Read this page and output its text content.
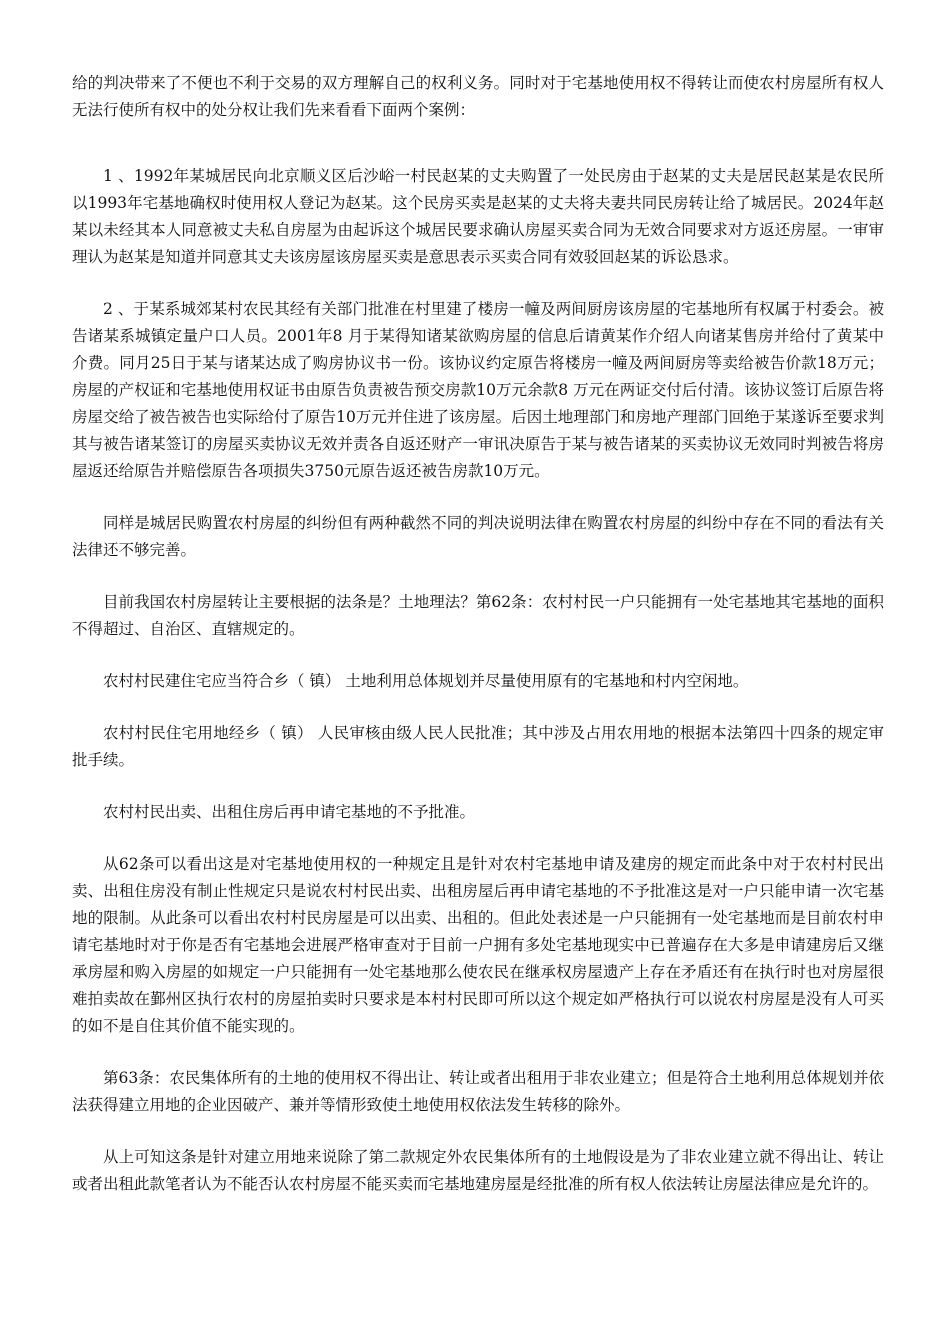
给的判决带来了不便也不利于交易的双方理解自己的权利义务。同时对于宅基地使用权不得转让而使农村房屋所有权人无法行使所有权中的处分权让我们先来看看下面两个案例：

1 、1992年某城居民向北京顺义区后沙峪一村民赵某的丈夫购置了一处民房由于赵某的丈夫是居民赵某是农民所以1993年宅基地确权时使用权人登记为赵某。这个民房买卖是赵某的丈夫将夫妻共同民房转让给了城居民。2024年赵某以未经其本人同意被丈夫私自房屋为由起诉这个城居民要求确认房屋买卖合同为无效合同要求对方返还房屋。一审审理认为赵某是知道并同意其丈夫该房屋该房屋买卖是意思表示买卖合同有效驳回赵某的诉讼恳求。

2 、于某系城郊某村农民其经有关部门批准在村里建了楼房一幢及两间厨房该房屋的宅基地所有权属于村委会。被告诸某系城镇定量户口人员。2001年8 月于某得知诸某欲购房屋的信息后请黄某作介绍人向诸某售房并给付了黄某中介费。同月25日于某与诸某达成了购房协议书一份。该协议约定原告将楼房一幢及两间厨房等卖给被告价款18万元；房屋的产权证和宅基地使用权证书由原告负责被告预交房款10万元余款8 万元在两证交付后付清。该协议签订后原告将房屋交给了被告被告也实际给付了原告10万元并住进了该房屋。后因土地理部门和房地产理部门回绝于某遂诉至要求判其与被告诸某签订的房屋买卖协议无效并责各自返还财产一审讯决原告于某与被告诸某的买卖协议无效同时判被告将房屋返还给原告并赔偿原告各项损失3750元原告返还被告房款10万元。

同样是城居民购置农村房屋的纠纷但有两种截然不同的判决说明法律在购置农村房屋的纠纷中存在不同的看法有关法律还不够完善。

目前我国农村房屋转让主要根据的法条是？土地理法？第62条：农村村民一户只能拥有一处宅基地其宅基地的面积不得超过、自治区、直辖规定的。

农村村民建住宅应当符合乡（ 镇） 土地利用总体规划并尽量使用原有的宅基地和村内空闲地。

农村村民住宅用地经乡（ 镇） 人民审核由级人民人民批准；其中涉及占用农用地的根据本法第四十四条的规定审批手续。

农村村民出卖、出租住房后再申请宅基地的不予批准。

从62条可以看出这是对宅基地使用权的一种规定且是针对农村宅基地申请及建房的规定而此条中对于农村村民出卖、出租住房没有制止性规定只是说农村村民出卖、出租房屋后再申请宅基地的不予批准这是对一户只能申请一次宅基地的限制。从此条可以看出农村村民房屋是可以出卖、出租的。但此处表述是一户只能拥有一处宅基地而是目前农村申请宅基地时对于你是否有宅基地会进展严格审查对于目前一户拥有多处宅基地现实中已普遍存在大多是申请建房后又继承房屋和购入房屋的如规定一户只能拥有一处宅基地那么使农民在继承权房屋遗产上存在矛盾还有在执行时也对房屋很难拍卖故在鄞州区执行农村的房屋拍卖时只要求是本村村民即可所以这个规定如严格执行可以说农村房屋是没有人可买的如不是自住其价值不能实现的。

第63条：农民集体所有的土地的使用权不得出让、转让或者出租用于非农业建立；但是符合土地利用总体规划并依法获得建立用地的企业因破产、兼并等情形致使土地使用权依法发生转移的除外。

从上可知这条是针对建立用地来说除了第二款规定外农民集体所有的土地假设是为了非农业建立就不得出让、转让或者出租此款笔者认为不能否认农村房屋不能买卖而宅基地建房屋是经批准的所有权人依法转让房屋法律应是允许的。
